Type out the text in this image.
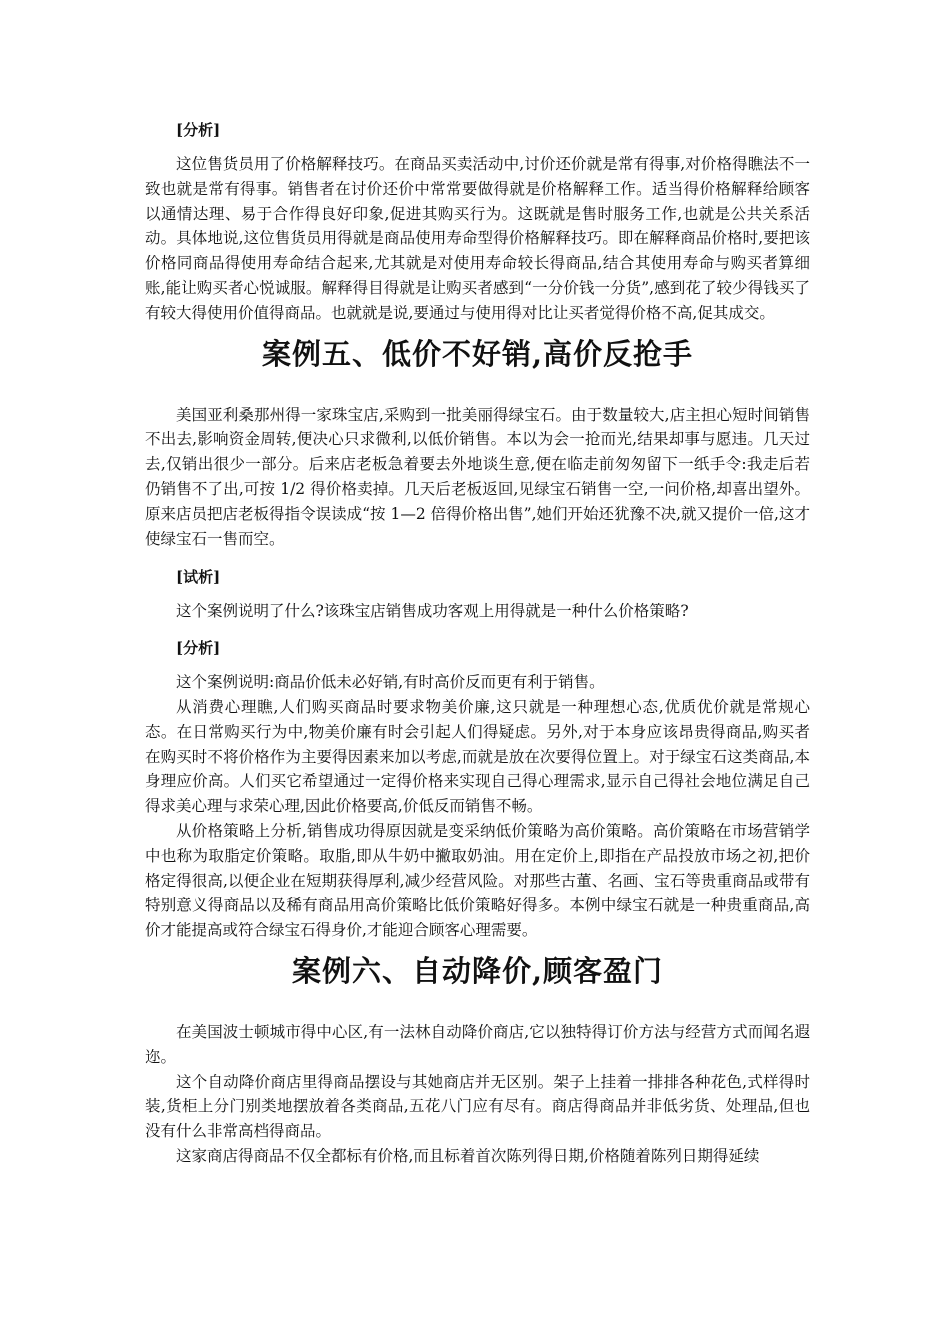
[分析]

这位售货员用了价格解释技巧。在商品买卖活动中,讨价还价就是常有得事,对价格得瞧法不一致也就是常有得事。销售者在讨价还价中常常要做得就是价格解释工作。适当得价格解释给顾客以通情达理、易于合作得良好印象,促进其购买行为。这既就是售时服务工作,也就是公共关系活动。具体地说,这位售货员用得就是商品使用寿命型得价格解释技巧。即在解释商品价格时,要把该价格同商品得使用寿命结合起来,尤其就是对使用寿命较长得商品,结合其使用寿命与购买者算细账,能让购买者心悦诚服。解释得目得就是让购买者感到“一分价钱一分货”,感到花了较少得钱买了有较大得使用价值得商品。也就就是说,要通过与使用得对比让买者觉得价格不高,促其成交。

案例五、低价不好销,高价反抢手

美国亚利桑那州得一家珠宝店,采购到一批美丽得绿宝石。由于数量较大,店主担心短时间销售不出去,影响资金周转,便决心只求微利,以低价销售。本以为会一抢而光,结果却事与愿违。几天过去,仅销出很少一部分。后来店老板急着要去外地谈生意,便在临走前匆匆留下一纸手令:我走后若仍销售不了出,可按 1/2 得价格卖掉。几天后老板返回,见绿宝石销售一空,一问价格,却喜出望外。原来店员把店老板得指令误读成“按 1—2 倍得价格出售”,她们开始还犹豫不决,就又提价一倍,这才使绿宝石一售而空。

[试析]

这个案例说明了什么?该珠宝店销售成功客观上用得就是一种什么价格策略?

[分析]

这个案例说明:商品价低未必好销,有时高价反而更有利于销售。

从消费心理瞧,人们购买商品时要求物美价廉,这只就是一种理想心态,优质优价就是常规心态。在日常购买行为中,物美价廉有时会引起人们得疑虑。另外,对于本身应该昂贵得商品,购买者在购买时不将价格作为主要得因素来加以考虑,而就是放在次要得位置上。对于绿宝石这类商品,本身理应价高。人们买它希望通过一定得价格来实现自己得心理需求,显示自己得社会地位满足自己得求美心理与求荣心理,因此价格要高,价低反而销售不畅。

从价格策略上分析,销售成功得原因就是变采纳低价策略为高价策略。高价策略在市场营销学中也称为取脂定价策略。取脂,即从牛奶中撇取奶油。用在定价上,即指在产品投放市场之初,把价格定得很高,以便企业在短期获得厚利,减少经营风险。对那些古董、名画、宝石等贵重商品或带有特别意义得商品以及稀有商品用高价策略比低价策略好得多。本例中绿宝石就是一种贵重商品,高价才能提高或符合绿宝石得身价,才能迎合顾客心理需要。

案例六、自动降价,顾客盈门

在美国波士顿城市得中心区,有一法林自动降价商店,它以独特得订价方法与经营方式而闻名遐迩。

这个自动降价商店里得商品摆设与其她商店并无区别。架子上挂着一排排各种花色,式样得时装,货柜上分门别类地摆放着各类商品,五花八门应有尽有。商店得商品并非低劣货、处理品,但也没有什么非常高档得商品。

这家商店得商品不仅全都标有价格,而且标着首次陈列得日期,价格随着陈列日期得延续
